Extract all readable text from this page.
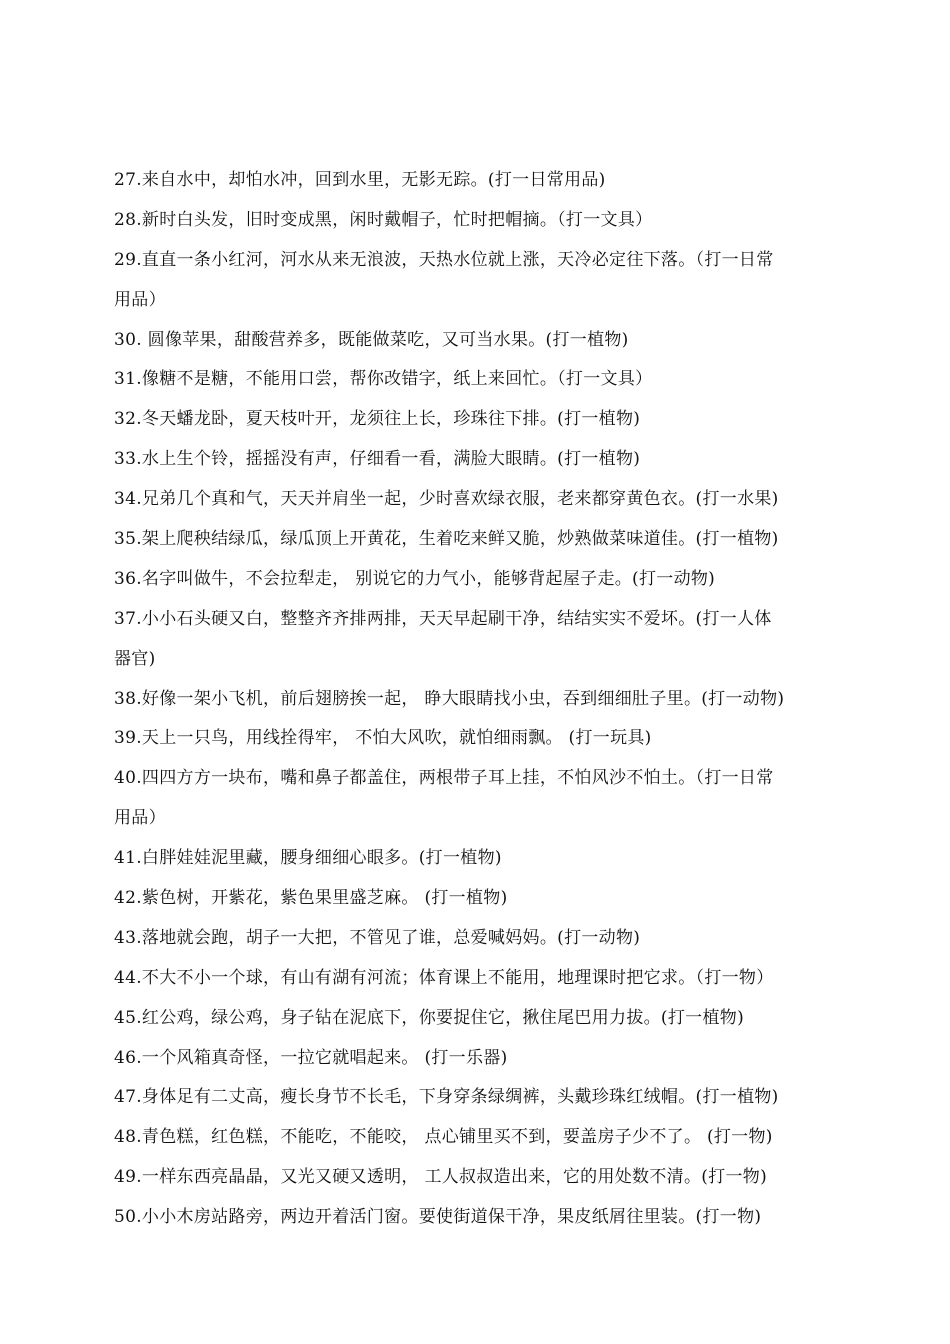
27.来自水中，却怕水冲，回到水里，无影无踪。(打一日常用品)
28.新时白头发，旧时变成黑，闲时戴帽子，忙时把帽摘。（打一文具）
29.直直一条小红河，河水从来无浪波，天热水位就上涨，天冷必定往下落。（打一日常
用品）
30. 圆像苹果，甜酸营养多，既能做菜吃，又可当水果。(打一植物)
31.像糖不是糖，不能用口尝，帮你改错字，纸上来回忙。（打一文具）
32.冬天蟠龙卧，夏天枝叶开，龙须往上长，珍珠往下排。(打一植物)
33.水上生个铃，摇摇没有声，仔细看一看，满脸大眼睛。(打一植物)
34.兄弟几个真和气，天天并肩坐一起，少时喜欢绿衣服，老来都穿黄色衣。(打一水果)
35.架上爬秧结绿瓜，绿瓜顶上开黄花，生着吃来鲜又脆，炒熟做菜味道佳。(打一植物)
36.名字叫做牛，不会拉犁走， 别说它的力气小，能够背起屋子走。(打一动物)
37.小小石头硬又白，整整齐齐排两排，天天早起刷干净，结结实实不爱坏。(打一人体
器官)
38.好像一架小飞机，前后翅膀挨一起， 睁大眼睛找小虫，吞到细细肚子里。(打一动物)
39.天上一只鸟，用线拴得牢， 不怕大风吹，就怕细雨飘。 (打一玩具)
40.四四方方一块布，嘴和鼻子都盖住，两根带子耳上挂，不怕风沙不怕土。（打一日常
用品）
41.白胖娃娃泥里藏，腰身细细心眼多。(打一植物)
42.紫色树，开紫花，紫色果里盛芝麻。 (打一植物)
43.落地就会跑，胡子一大把，不管见了谁，总爱喊妈妈。(打一动物)
44.不大不小一个球，有山有湖有河流；体育课上不能用，地理课时把它求。（打一物）
45.红公鸡，绿公鸡，身子钻在泥底下，你要捉住它，揪住尾巴用力拔。(打一植物)
46.一个风箱真奇怪，一拉它就唱起来。 (打一乐器)
47.身体足有二丈高，瘦长身节不长毛，下身穿条绿绸裤，头戴珍珠红绒帽。(打一植物)
48.青色糕，红色糕，不能吃，不能咬， 点心铺里买不到，要盖房子少不了。 (打一物)
49.一样东西亮晶晶，又光又硬又透明， 工人叔叔造出来，它的用处数不清。(打一物)
50.小小木房站路旁，两边开着活门窗。要使街道保干净，果皮纸屑往里装。(打一物)
